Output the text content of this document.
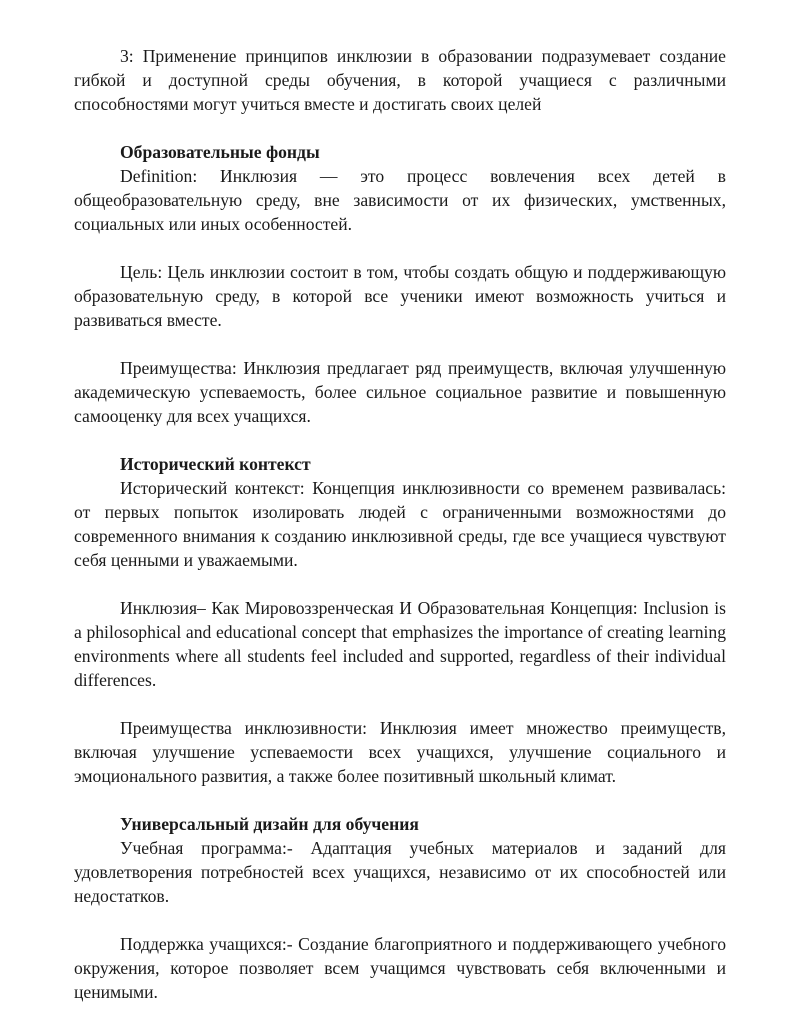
3: Применение принципов инклюзии в образовании подразумевает создание гибкой и доступной среды обучения, в которой учащиеся с различными способностями могут учиться вместе и достигать своих целей

Образовательные фонды

Definition: Инклюзия — это процесс вовлечения всех детей в общеобразовательную среду, вне зависимости от их физических, умственных, социальных или иных особенностей.

Цель: Цель инклюзии состоит в том, чтобы создать общую и поддерживающую образовательную среду, в которой все ученики имеют возможность учиться и развиваться вместе.

Преимущества: Инклюзия предлагает ряд преимуществ, включая улучшенную академическую успеваемость, более сильное социальное развитие и повышенную самооценку для всех учащихся.

Исторический контекст

Исторический контекст: Концепция инклюзивности со временем развивалась: от первых попыток изолировать людей с ограниченными возможностями до современного внимания к созданию инклюзивной среды, где все учащиеся чувствуют себя ценными и уважаемыми.

Инклюзия– Как Мировоззренческая И Образовательная Концепция: Inclusion is a philosophical and educational concept that emphasizes the importance of creating learning environments where all students feel included and supported, regardless of their individual differences.

Преимущества инклюзивности: Инклюзия имеет множество преимуществ, включая улучшение успеваемости всех учащихся, улучшение социального и эмоционального развития, а также более позитивный школьный климат.

Универсальный дизайн для обучения

Учебная программа:- Адаптация учебных материалов и заданий для удовлетворения потребностей всех учащихся, независимо от их способностей или недостатков.

Поддержка учащихся:- Создание благоприятного и поддерживающего учебного окружения, которое позволяет всем учащимся чувствовать себя включенными и ценимыми.
